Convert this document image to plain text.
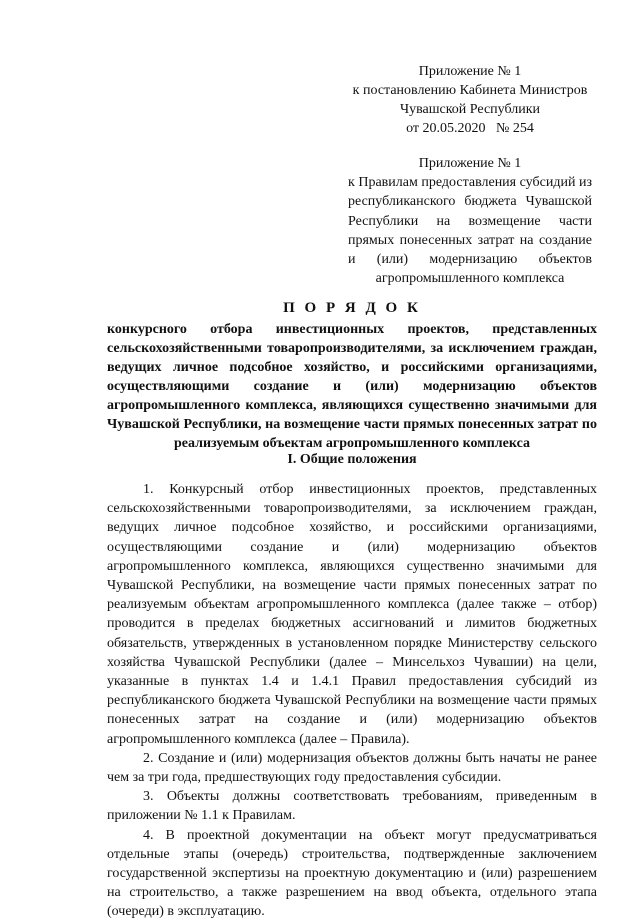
Приложение № 1
к постановлению Кабинета Министров
Чувашской Республики
от 20.05.2020   № 254
Приложение № 1
к Правилам предоставления субсидий из республиканского бюджета Чувашской Республики на возмещение части прямых понесенных затрат на создание и (или) модернизацию объектов агропромышленного комплекса
П О Р Я Д О К
конкурсного отбора инвестиционных проектов, представленных сельскохозяйственными товаропроизводителями, за исключением граждан, ведущих личное подсобное хозяйство, и российскими организациями, осуществляющими создание и (или) модернизацию объектов агропромышленного комплекса, являющихся существенно значимыми для Чувашской Республики, на возмещение части прямых понесенных затрат по реализуемым объектам агропромышленного комплекса
I. Общие положения

1. Конкурсный отбор инвестиционных проектов, представленных сельскохозяйственными товаропроизводителями, за исключением граждан, ведущих личное подсобное хозяйство, и российскими организациями, осуществляющими создание и (или) модернизацию объектов агропромышленного комплекса, являющихся существенно значимыми для Чувашской Республики, на возмещение части прямых понесенных затрат по реализуемым объектам агропромышленного комплекса (далее также – отбор) проводится в пределах бюджетных ассигнований и лимитов бюджетных обязательств, утвержденных в установленном порядке Министерству сельского хозяйства Чувашской Республики (далее – Минсельхоз Чувашии) на цели, указанные в пунктах 1.4 и 1.4.1 Правил предоставления субсидий из республиканского бюджета Чувашской Республики на возмещение части прямых понесенных затрат на создание и (или) модернизацию объектов агропромышленного комплекса (далее – Правила).

2. Создание и (или) модернизация объектов должны быть начаты не ранее чем за три года, предшествующих году предоставления субсидии.

3. Объекты должны соответствовать требованиям, приведенным в приложении № 1.1 к Правилам.

4. В проектной документации на объект могут предусматриваться отдельные этапы (очередь) строительства, подтвержденные заключением государственной экспертизы на проектную документацию и (или) разрешением на строительство, а также разрешением на ввод объекта, отдельного этапа (очереди) в эксплуатацию.
